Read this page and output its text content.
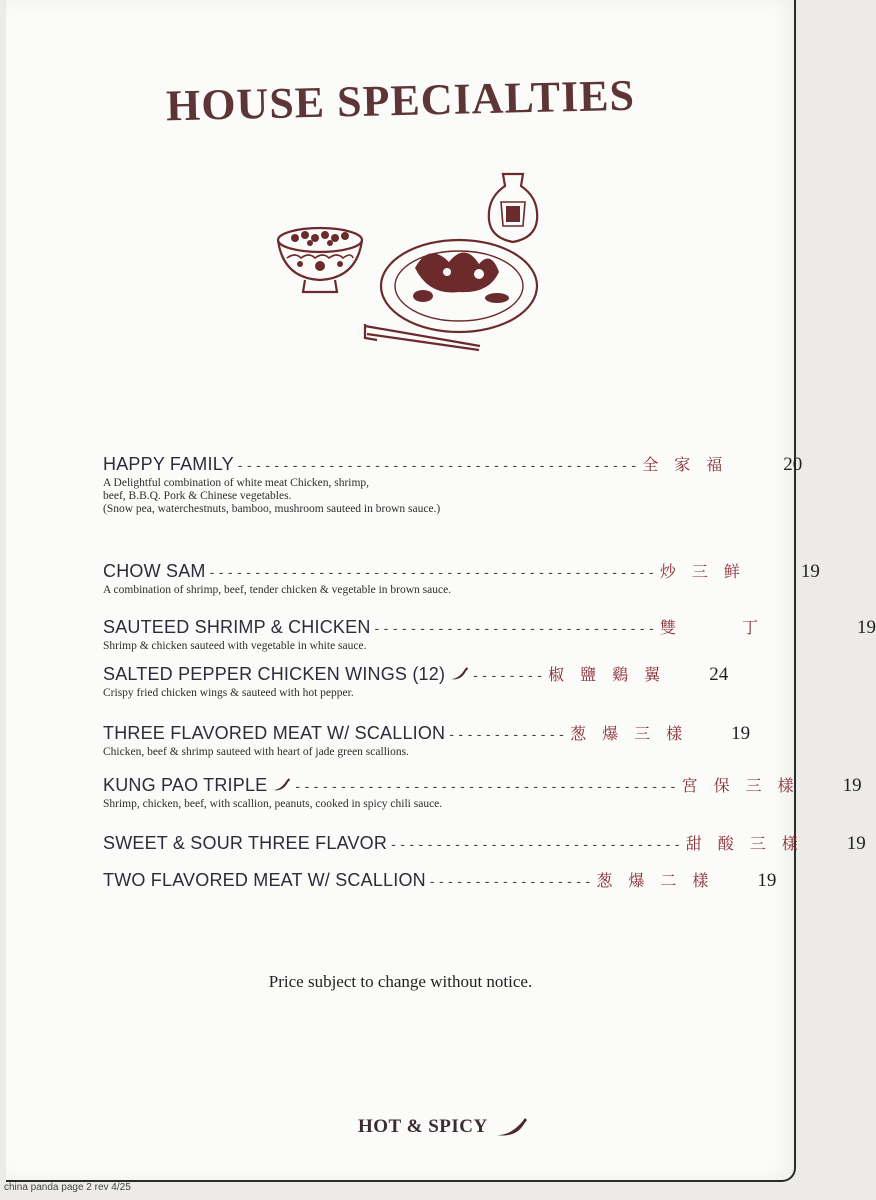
HOUSE SPECIALTIES
HAPPY FAMILY - - - - - - - - - - - - - - - - - - - - - - - - - - - - - - - - - - - - - - - - - - - - 全家福	20
A Delightful combination of white meat Chicken, shrimp,
beef, B.B.Q. Pork & Chinese vegetables.
(Snow pea, waterchestnuts, bamboo, mushroom sauteed in brown sauce.)
CHOW SAM - - - - - - - - - - - - - - - - - - - - - - - - - - - - - - - - - - - - - - - - - - - - - - - - - 炒三鲜	19
A combination of shrimp, beef, tender chicken & vegetable in brown sauce.
SAUTEED SHRIMP & CHICKEN - - - - - - - - - - - - - - - - - - - - - - - - - - - - - - - 雙丁	19
Shrimp & chicken sauteed with vegetable in white sauce.
SALTED PEPPER CHICKEN WINGS (12)	- - - - - - - - 椒鹽鷄翼	24
Crispy fried chicken wings & sauteed with hot pepper.
THREE FLAVORED MEAT W/ SCALLION - - - - - - - - - - - - - 葱爆三樣	19
Chicken, beef & shrimp sauteed with heart of jade green scallions.
KUNG PAO TRIPLE	- - - - - - - - - - - - - - - - - - - - - - - - - - - - - - - - - - - - - - - - - - 宮保三樣	19
Shrimp, chicken, beef, with scallion, peanuts, cooked in spicy chili sauce.
SWEET & SOUR THREE FLAVOR - - - - - - - - - - - - - - - - - - - - - - - - - - - - - - - - 甜酸三樣	19
TWO FLAVORED MEAT W/ SCALLION - - - - - - - - - - - - - - - - - - 葱爆二樣	19
Price subject to change without notice.
HOT & SPICY
china panda page 2 rev 4/25
